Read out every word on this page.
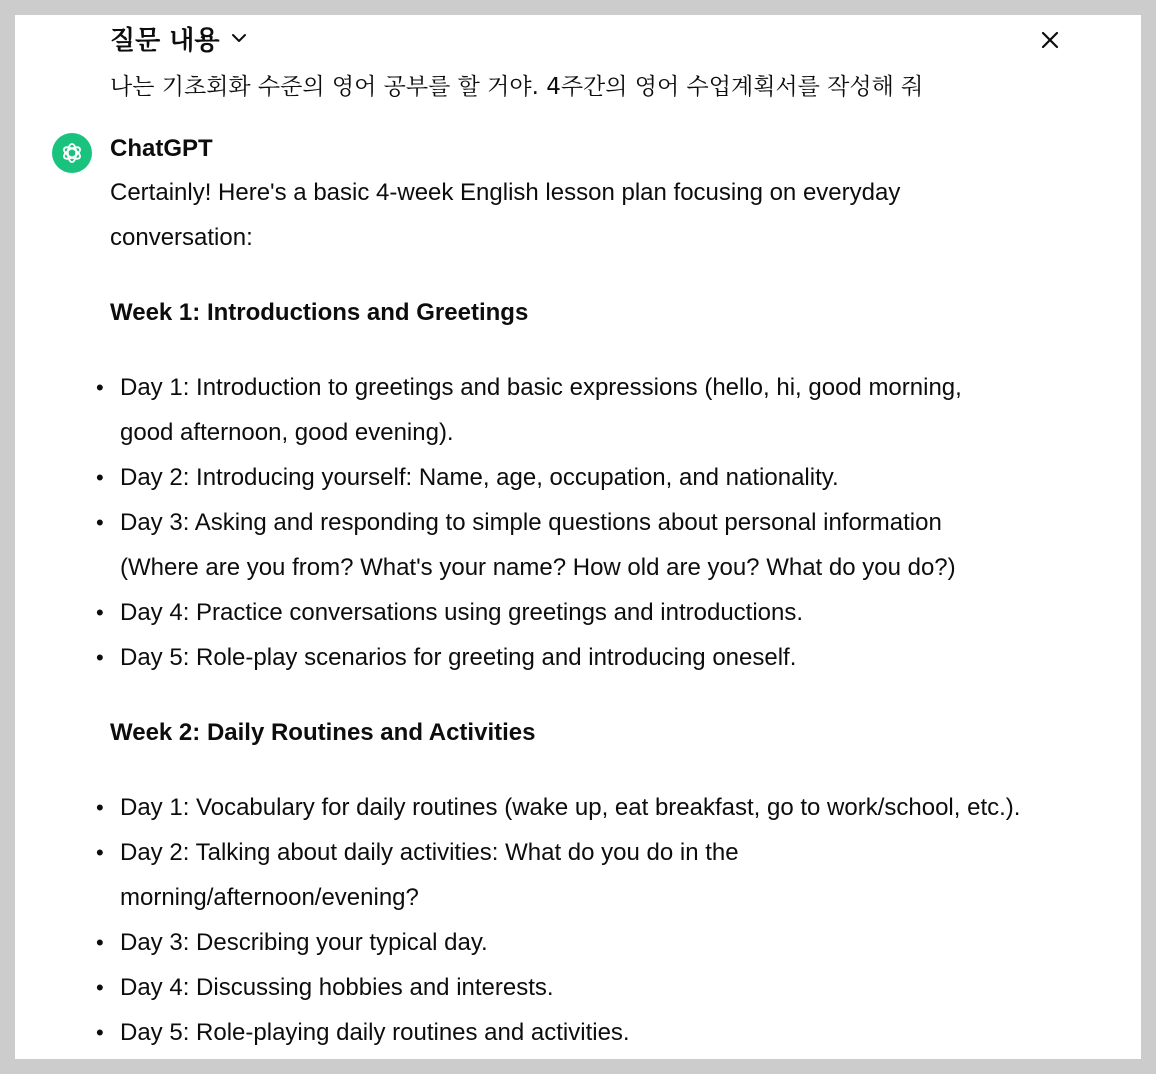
질문 내용
나는 기초회화 수준의 영어 공부를 할 거야. 4주간의 영어 수업계획서를 작성해 줘
ChatGPT

Certainly! Here's a basic 4-week English lesson plan focusing on everyday conversation:

Week 1: Introductions and Greetings
• Day 1: Introduction to greetings and basic expressions (hello, hi, good morning, good afternoon, good evening).
• Day 2: Introducing yourself: Name, age, occupation, and nationality.
• Day 3: Asking and responding to simple questions about personal information (Where are you from? What's your name? How old are you? What do you do?)
• Day 4: Practice conversations using greetings and introductions.
• Day 5: Role-play scenarios for greeting and introducing oneself.
Week 2: Daily Routines and Activities
• Day 1: Vocabulary for daily routines (wake up, eat breakfast, go to work/school, etc.).
• Day 2: Talking about daily activities: What do you do in the morning/afternoon/evening?
• Day 3: Describing your typical day.
• Day 4: Discussing hobbies and interests.
• Day 5: Role-playing daily routines and activities.
